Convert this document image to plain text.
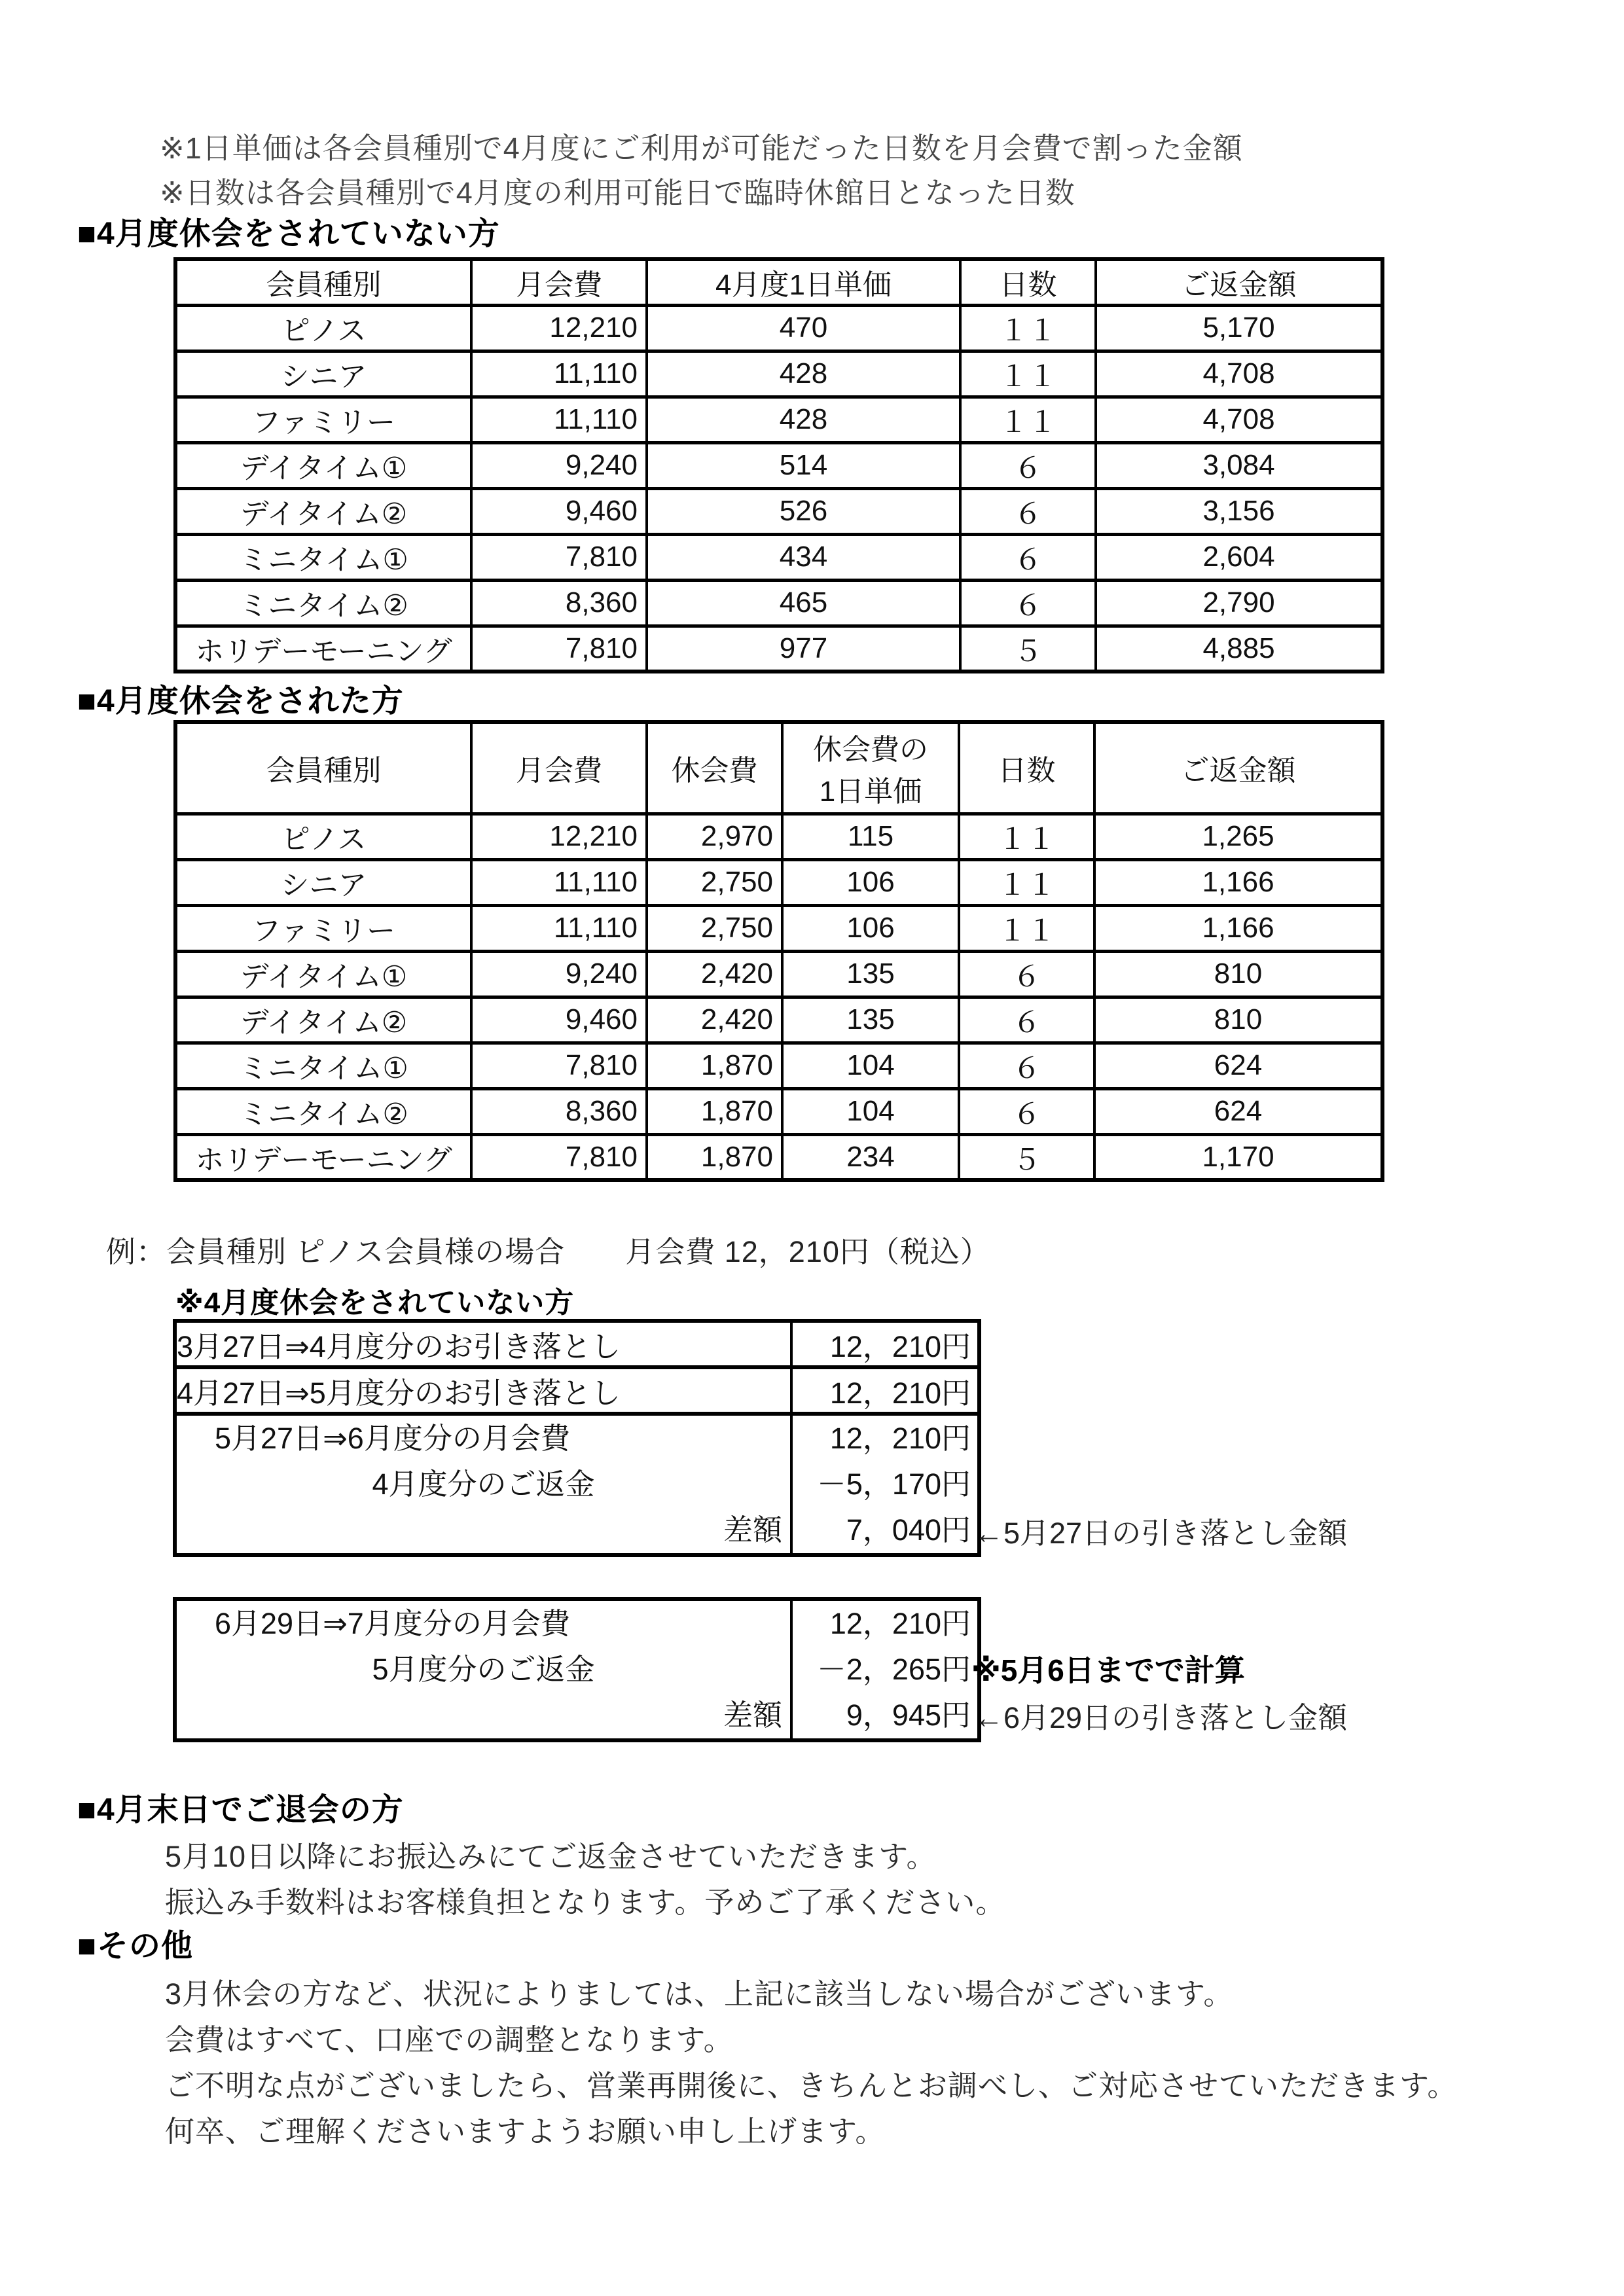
※1日単価は各会員種別で4月度にご利用が可能だった日数を月会費で割った金額
※日数は各会員種別で4月度の利用可能日で臨時休館日となった日数
■4月度休会をされていない方
会員種別	月会費	4月度1日単価	日数	ご返金額
ピノス	12,210	470	１１	5,170
シニア	11,110	428	１１	4,708
ファミリー	11,110	428	１１	4,708
デイタイム①	9,240	514	６	3,084
デイタイム②	9,460	526	６	3,156
ミニタイム①	7,810	434	６	2,604
ミニタイム②	8,360	465	６	2,790
ホリデーモーニング	7,810	977	５	4,885
■4月度休会をされた方
会員種別	月会費	休会費	休会費の
1日単価	日数	ご返金額
ピノス	12,210	2,970	115	１１	1,265
シニア	11,110	2,750	106	１１	1,166
ファミリー	11,110	2,750	106	１１	1,166
デイタイム①	9,240	2,420	135	６	810
デイタイム②	9,460	2,420	135	６	810
ミニタイム①	7,810	1,870	104	６	624
ミニタイム②	8,360	1,870	104	６	624
ホリデーモーニング	7,810	1,870	234	５	1,170
例：会員種別 ピノス会員様の場合　　月会費 12，210円（税込）
※4月度休会をされていない方
3月27日⇒4月度分のお引き落とし	12，210円
4月27日⇒5月度分のお引き落とし	12，210円

5月27日⇒6月度分の月会費
4月度分のご返金
差額

12，210円
－5，170円
7，040円 ←5月27日の引き落とし金額
6月29日⇒7月度分の月会費
5月度分のご返金
差額

12，210円
－2，265円
9，945円
※5月6日までで計算
←6月29日の引き落とし金額
■4月末日でご退会の方
5月10日以降にお振込みにてご返金させていただきます。
振込み手数料はお客様負担となります。予めご了承ください。
■その他
3月休会の方など、状況によりましては、上記に該当しない場合がございます。
会費はすべて、口座での調整となります。
ご不明な点がございましたら、営業再開後に、きちんとお調べし、ご対応させていただきます。
何卒、ご理解くださいますようお願い申し上げます。
